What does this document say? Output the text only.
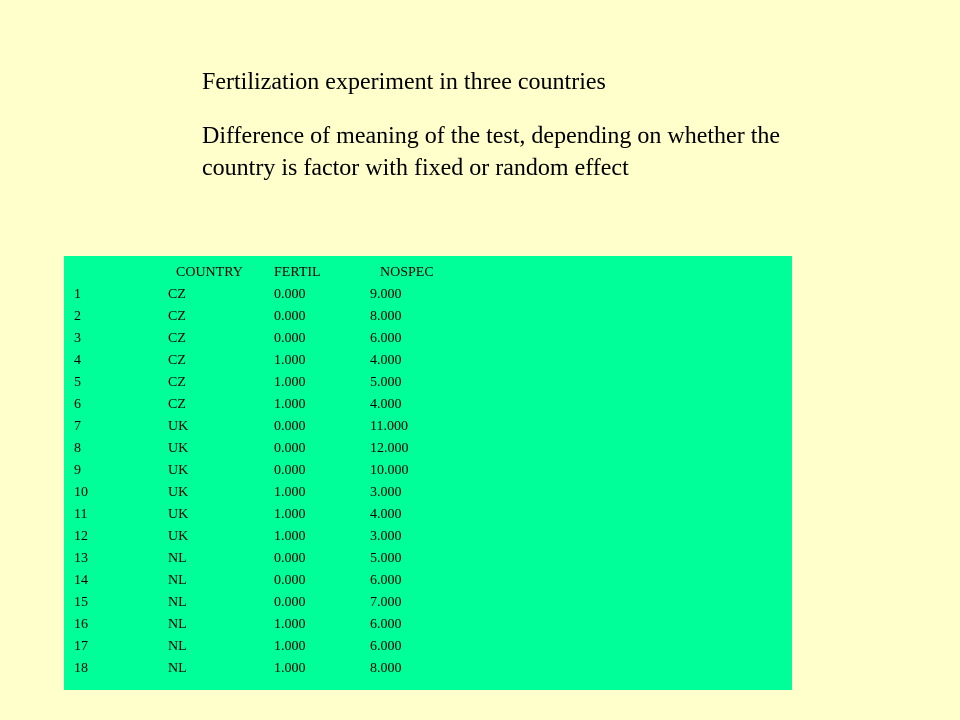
Fertilization experiment in three countries

Difference of meaning of the test, depending on whether the country is factor with fixed or random effect

	COUNTRY	FERTIL	NOSPEC
1	CZ	0.000	9.000
2	CZ	0.000	8.000
3	CZ	0.000	6.000
4	CZ	1.000	4.000
5	CZ	1.000	5.000
6	CZ	1.000	4.000
7	UK	0.000	11.000
8	UK	0.000	12.000
9	UK	0.000	10.000
10	UK	1.000	3.000
11	UK	1.000	4.000
12	UK	1.000	3.000
13	NL	0.000	5.000
14	NL	0.000	6.000
15	NL	0.000	7.000
16	NL	1.000	6.000
17	NL	1.000	6.000
18	NL	1.000	8.000
